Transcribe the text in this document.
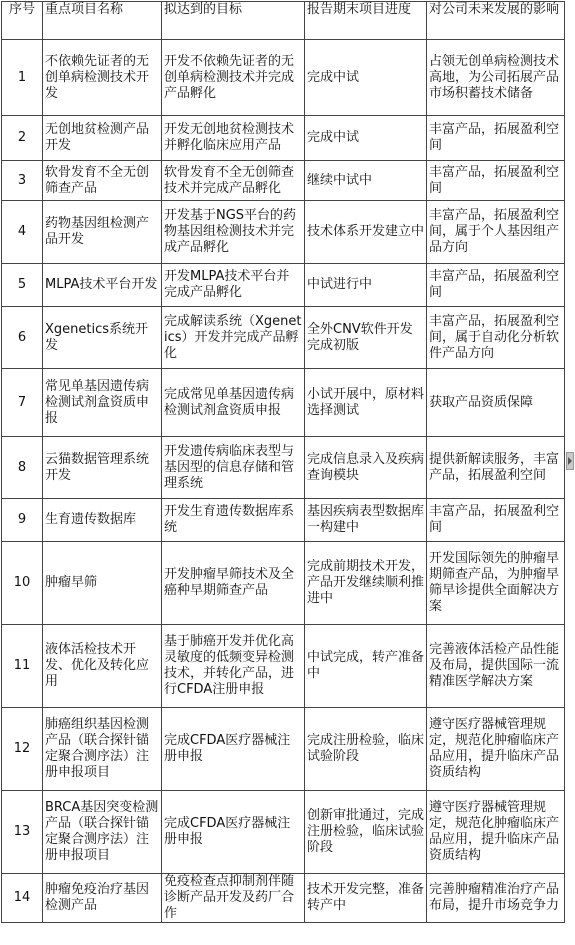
序号	重点项目名称	拟达到的目标	报告期末项目进度	对公司未来发展的影响
1	不依赖先证者的无创单病检测技术开发	开发不依赖先证者的无创单病检测技术并完成产品孵化	完成中试	占领无创单病检测技术高地，为公司拓展产品市场积蓄技术储备
2	无创地贫检测产品开发	开发无创地贫检测技术并孵化临床应用产品	完成中试	丰富产品，拓展盈利空间
3	软骨发育不全无创筛查产品	软骨发育不全无创筛查技术并完成产品孵化	继续中试中	丰富产品，拓展盈利空间
4	药物基因组检测产品开发	开发基于NGS平台的药物基因组检测技术并完成产品孵化	技术体系开发建立中	丰富产品，拓展盈利空间，属于个人基因组产品方向
5	MLPA技术平台开发	开发MLPA技术平台并完成产品孵化	中试进行中	丰富产品，拓展盈利空间
6	Xgenetics系统开发	完成解读系统（Xgenetics）开发并完成产品孵化	全外CNV软件开发完成初版	丰富产品，拓展盈利空间，属于自动化分析软件产品方向
7	常见单基因遗传病检测试剂盒资质申报	完成常见单基因遗传病检测试剂盒资质申报	小试开展中，原材料选择测试	获取产品资质保障
8	云猫数据管理系统开发	开发遗传病临床表型与基因型的信息存储和管理系统	完成信息录入及疾病查询模块	提供新解读服务，丰富产品，拓展盈利空间
9	生育遗传数据库	开发生育遗传数据库系统	基因疾病表型数据库一构建中	丰富产品，拓展盈利空间
10	肿瘤早筛	开发肿瘤早筛技术及全癌种早期筛查产品	完成前期技术开发，产品开发继续顺利推进中	开发国际领先的肿瘤早期筛查产品，为肿瘤早筛早诊提供全面解决方案
11	液体活检技术开发、优化及转化应用	基于肺癌开发并优化高灵敏度的低频变异检测技术，并转化产品，进行CFDA注册申报	中试完成，转产准备中	完善液体活检产品性能及布局，提供国际一流精准医学解决方案
12	肺癌组织基因检测产品（联合探针锚定聚合测序法）注册申报项目	完成CFDA医疗器械注册申报	完成注册检验，临床试验阶段	遵守医疗器械管理规定，规范化肿瘤临床产品应用，提升临床产品资质结构
13	BRCA基因突变检测产品（联合探针锚定聚合测序法）注册申报项目	完成CFDA医疗器械注册申报	创新审批通过，完成注册检验，临床试验阶段	遵守医疗器械管理规定，规范化肿瘤临床产品应用，提升临床产品资质结构
14	肿瘤免疫治疗基因检测产品	免疫检查点抑制剂伴随诊断产品开发及药厂合作	技术开发完整，准备转产中	完善肿瘤精准治疗产品布局，提升市场竞争力
